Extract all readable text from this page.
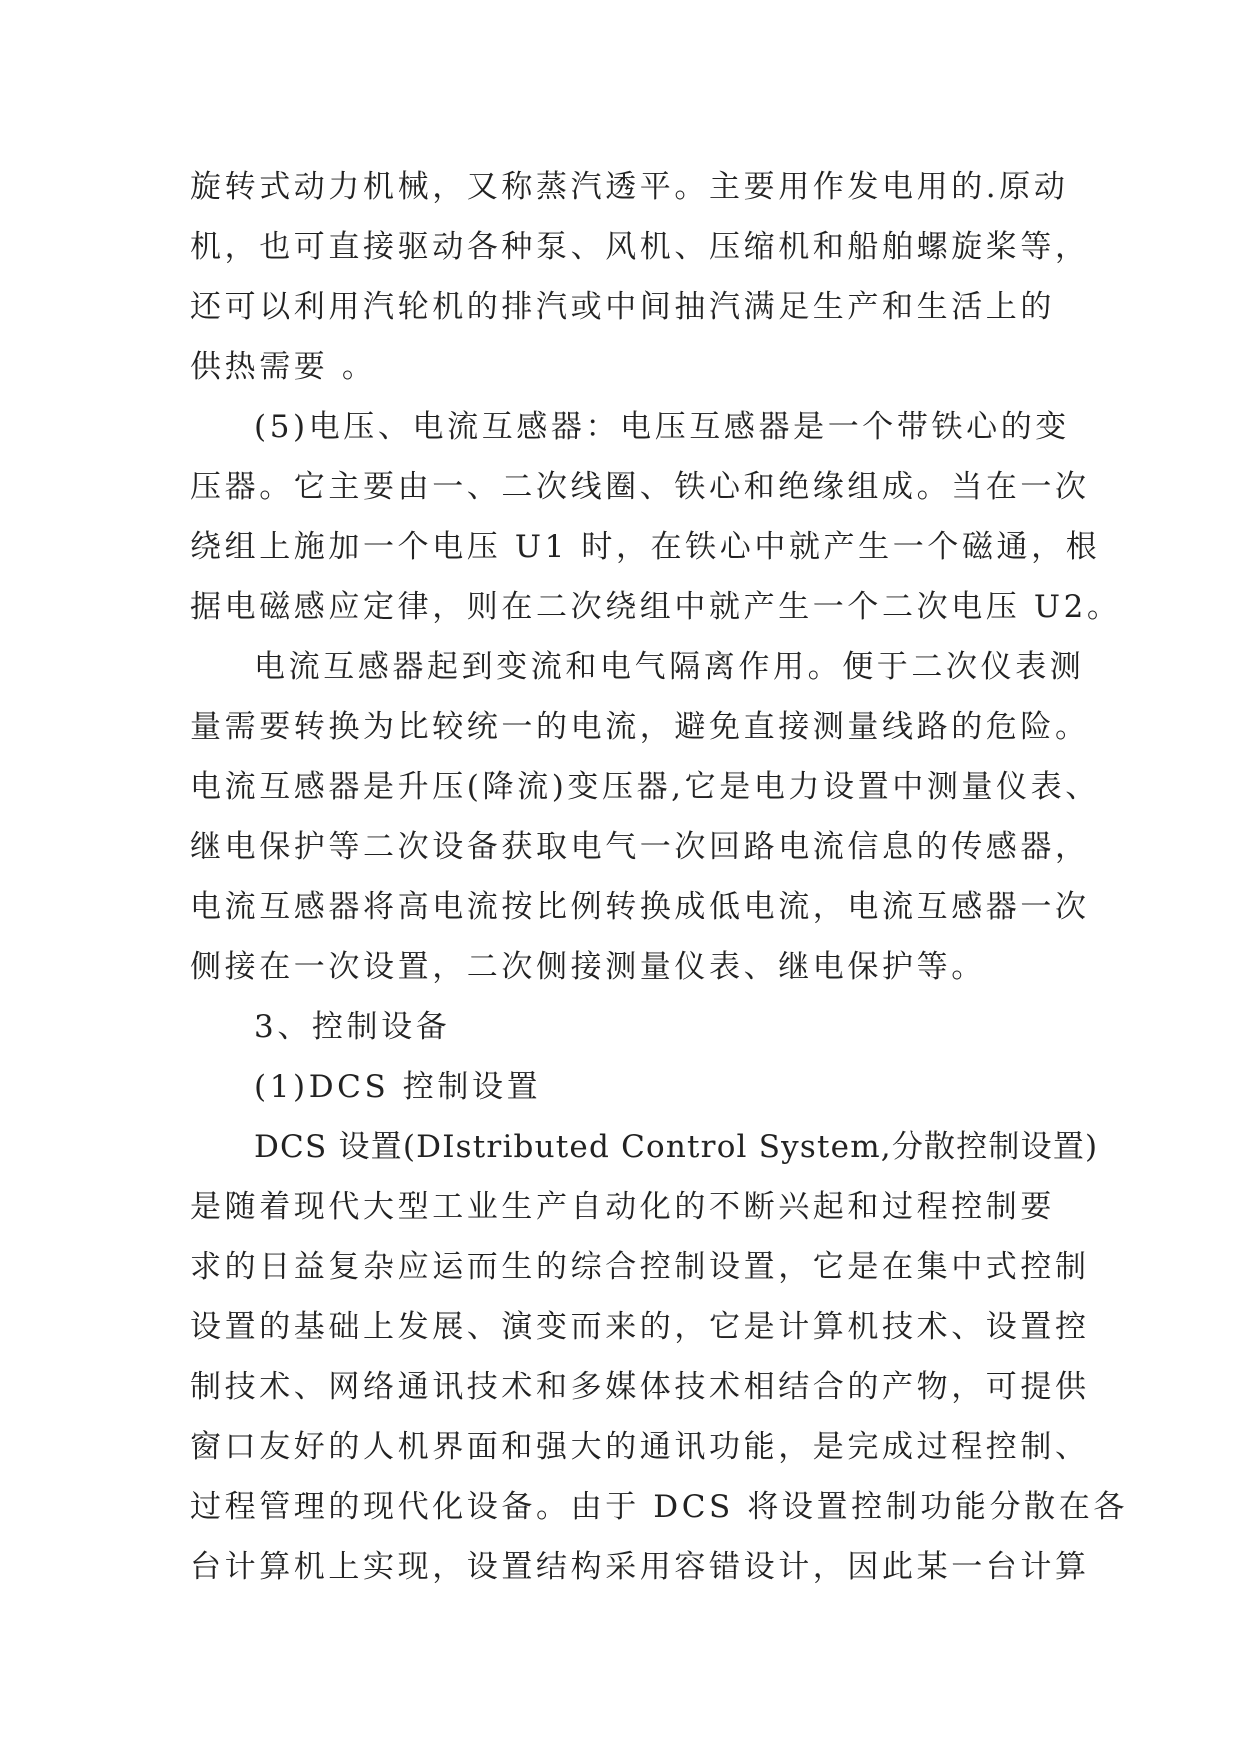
旋转式动力机械，又称蒸汽透平。主要用作发电用的.原动
机，也可直接驱动各种泵、风机、压缩机和船舶螺旋桨等，
还可以利用汽轮机的排汽或中间抽汽满足生产和生活上的
供热需要 。
(5)电压、电流互感器：电压互感器是一个带铁心的变
压器。它主要由一、二次线圈、铁心和绝缘组成。当在一次
绕组上施加一个电压 U1 时，在铁心中就产生一个磁通，根
据电磁感应定律，则在二次绕组中就产生一个二次电压 U2。
电流互感器起到变流和电气隔离作用。便于二次仪表测
量需要转换为比较统一的电流，避免直接测量线路的危险。
电流互感器是升压(降流)变压器,它是电力设置中测量仪表、
继电保护等二次设备获取电气一次回路电流信息的传感器，
电流互感器将高电流按比例转换成低电流，电流互感器一次
侧接在一次设置，二次侧接测量仪表、继电保护等。
3、控制设备
(1)DCS 控制设置
DCS 设置(DIstributed Control System,分散控制设置)
是随着现代大型工业生产自动化的不断兴起和过程控制要
求的日益复杂应运而生的综合控制设置，它是在集中式控制
设置的基础上发展、演变而来的，它是计算机技术、设置控
制技术、网络通讯技术和多媒体技术相结合的产物，可提供
窗口友好的人机界面和强大的通讯功能，是完成过程控制、
过程管理的现代化设备。由于 DCS 将设置控制功能分散在各
台计算机上实现，设置结构采用容错设计，因此某一台计算
